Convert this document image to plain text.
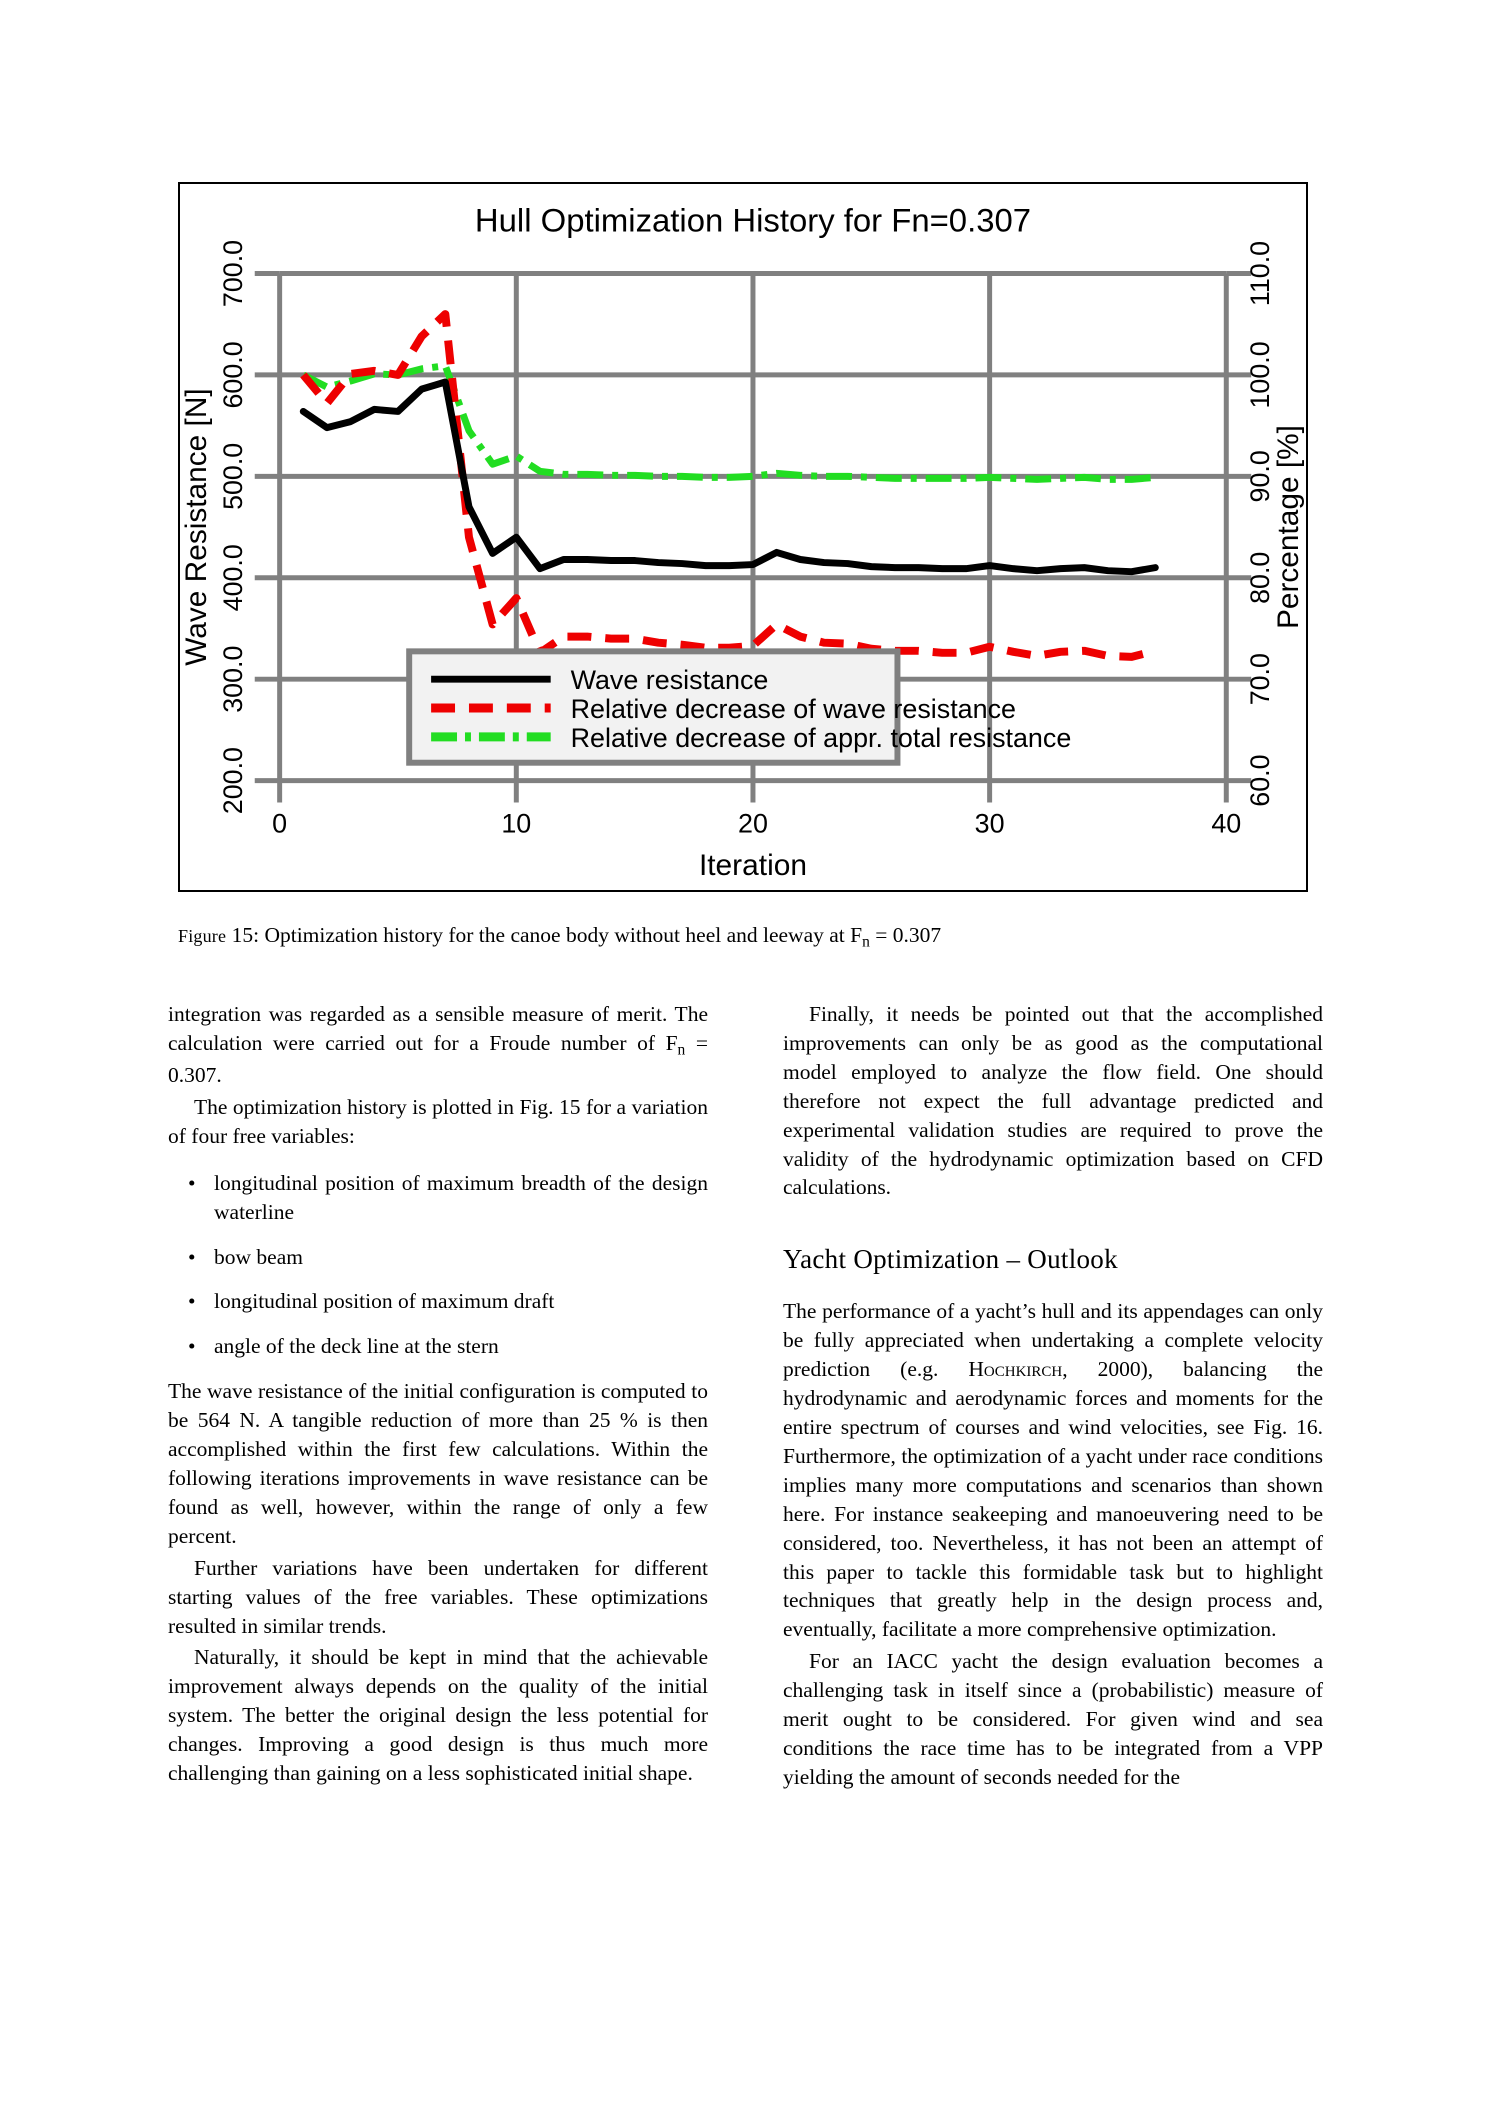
Hull Optimization History for Fn=0.307
700.0
600.0
500.0
400.0
300.0
200.0
Wave Resistance [N]
110.0
100.0
90.0
80.0
70.0
60.0
Percentage [%]
0	10	20	30	40
Iteration
Wave resistance
Relative decrease of wave resistance
Relative decrease of appr. total resistance
Figure 15: Optimization history for the canoe body without heel and leeway at $F_n = 0.307$

integration was regarded as a sensible measure of merit. The calculation were carried out for a Froude number of $F_n = 0.307$.

The optimization history is plotted in Fig. 15 for a variation of four free variables:

• longitudinal position of maximum breadth of the design waterline
• bow beam
• longitudinal position of maximum draft
• angle of the deck line at the stern

The wave resistance of the initial configuration is computed to be 564 N. A tangible reduction of more than 25 % is then accomplished within the first few calculations. Within the following iterations improvements in wave resistance can be found as well, however, within the range of only a few percent.

Further variations have been undertaken for different starting values of the free variables. These optimizations resulted in similar trends.

Naturally, it should be kept in mind that the achievable improvement always depends on the quality of the initial system. The better the original design the less potential for changes. Improving a good design is thus much more challenging than gaining on a less sophisticated initial shape.

Finally, it needs be pointed out that the accomplished improvements can only be as good as the computational model employed to analyze the flow field. One should therefore not expect the full advantage predicted and experimental validation studies are required to prove the validity of the hydrodynamic optimization based on CFD calculations.

Yacht Optimization – Outlook

The performance of a yacht’s hull and its appendages can only be fully appreciated when undertaking a complete velocity prediction (e.g. Hochkirch, 2000), balancing the hydrodynamic and aerodynamic forces and moments for the entire spectrum of courses and wind velocities, see Fig. 16. Furthermore, the optimization of a yacht under race conditions implies many more computations and scenarios than shown here. For instance seakeeping and manoeuvering need to be considered, too. Nevertheless, it has not been an attempt of this paper to tackle this formidable task but to highlight techniques that greatly help in the design process and, eventually, facilitate a more comprehensive optimization.

For an IACC yacht the design evaluation becomes a challenging task in itself since a (probabilistic) measure of merit ought to be considered. For given wind and sea conditions the race time has to be integrated from a VPP yielding the amount of seconds needed for the
